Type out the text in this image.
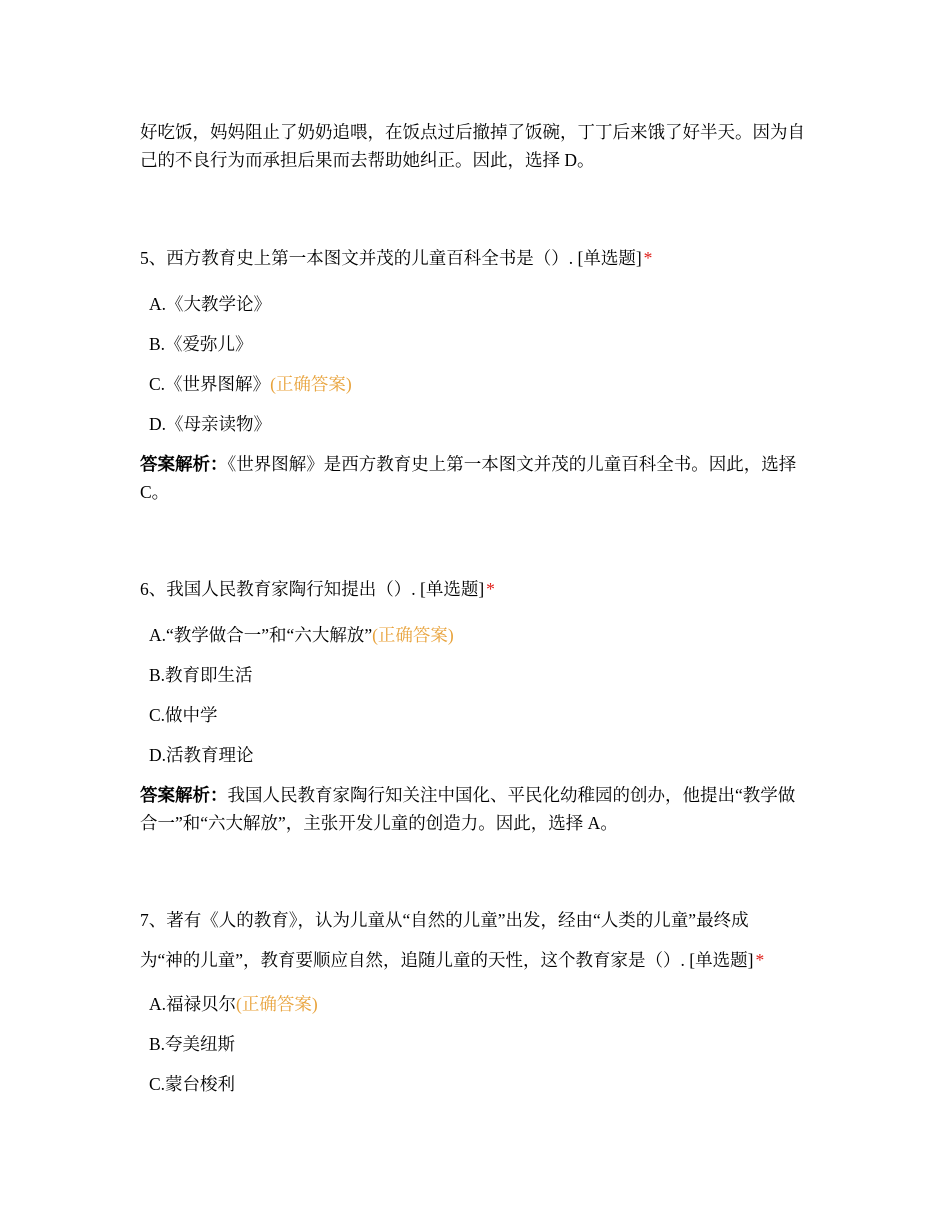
好吃饭，妈妈阻止了奶奶追喂，在饭点过后撤掉了饭碗，丁丁后来饿了好半天。因为自己的不良行为而承担后果而去帮助她纠正。因此，选择 D。

5、西方教育史上第一本图文并茂的儿童百科全书是（）. [单选题] *

A.《大教学论》

B.《爱弥儿》

C.《世界图解》(正确答案)

D.《母亲读物》

答案解析：《世界图解》是西方教育史上第一本图文并茂的儿童百科全书。因此，选择 C。

6、我国人民教育家陶行知提出（）. [单选题] *

A.“教学做合一”和“六大解放”(正确答案)

B.教育即生活

C.做中学

D.活教育理论

答案解析：我国人民教育家陶行知关注中国化、平民化幼稚园的创办，他提出“教学做合一”和“六大解放”，主张开发儿童的创造力。因此，选择 A。

7、著有《人的教育》，认为儿童从“自然的儿童”出发，经由“人类的儿童”最终成
为“神的儿童”，教育要顺应自然，追随儿童的天性，这个教育家是（）. [单选题] *

A.福禄贝尔(正确答案)

B.夸美纽斯

C.蒙台梭利
